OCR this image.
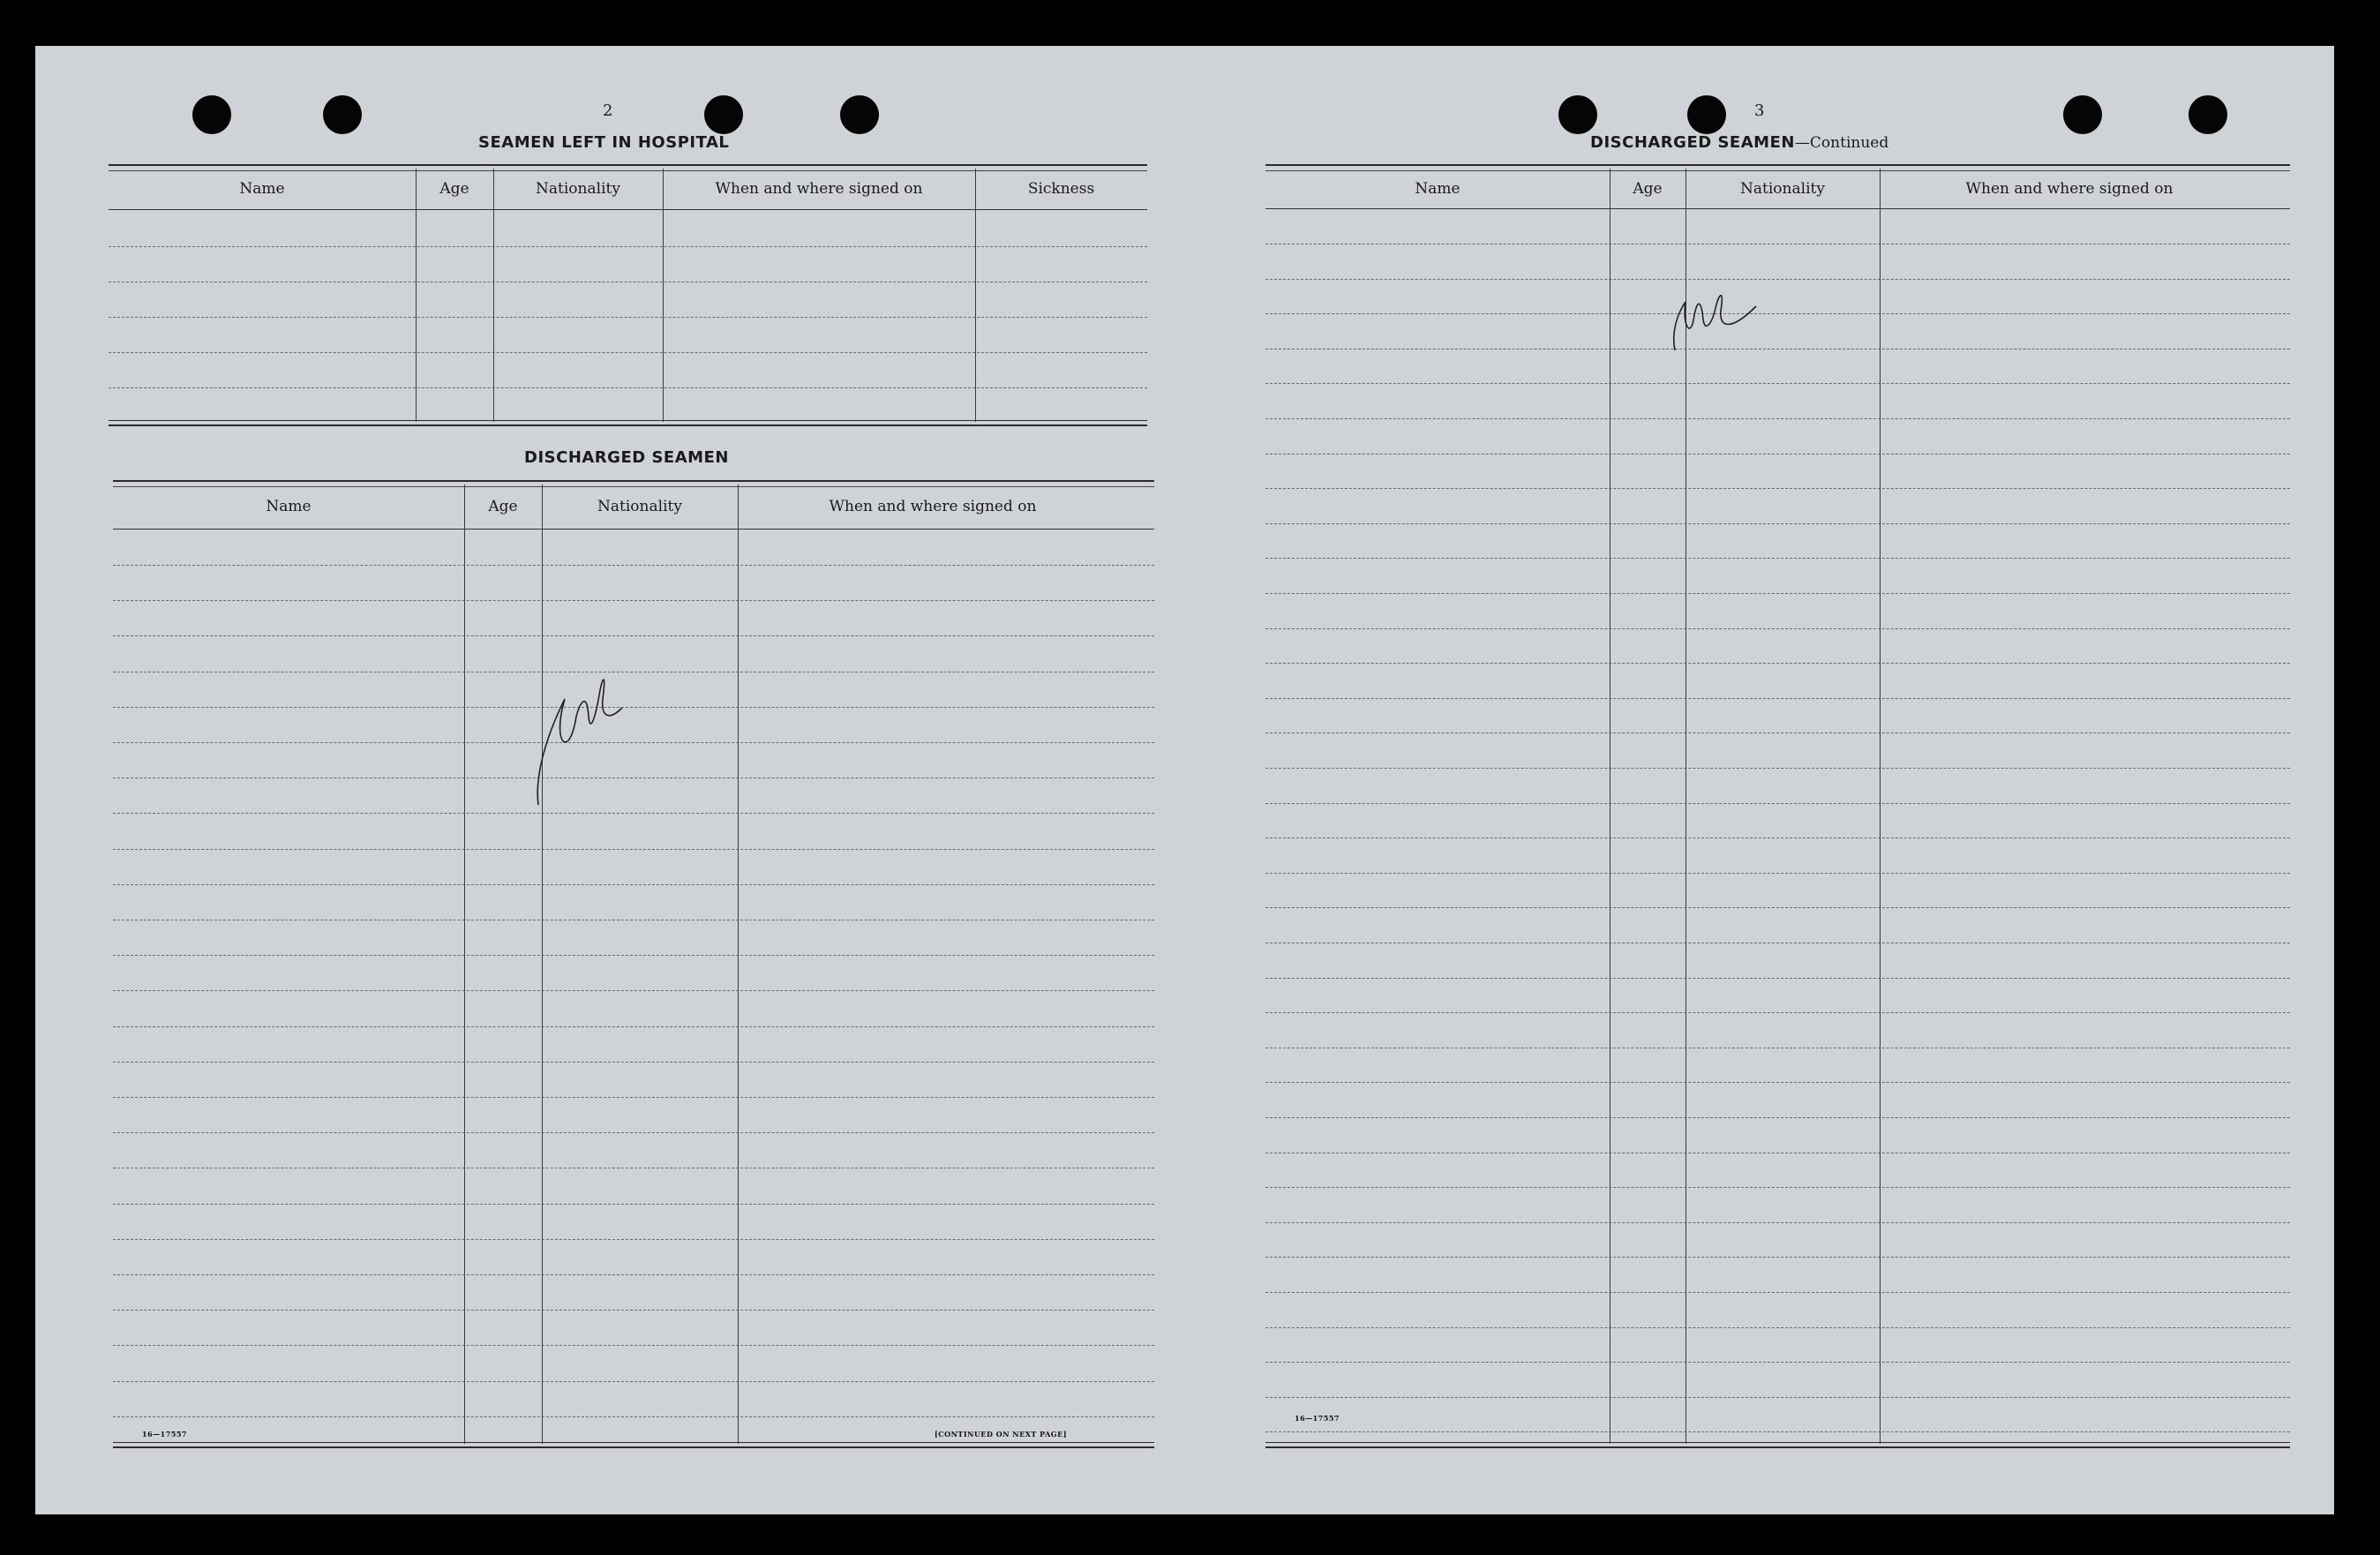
2
SEAMEN LEFT IN HOSPITAL
Name	Age	Nationality	When and where signed on	Sickness
DISCHARGED SEAMEN
Name	Age	Nationality	When and where signed on
16—17557	[CONTINUED ON NEXT PAGE]
3
DISCHARGED SEAMEN—Continued
Name	Age	Nationality	When and where signed on
16—17557
